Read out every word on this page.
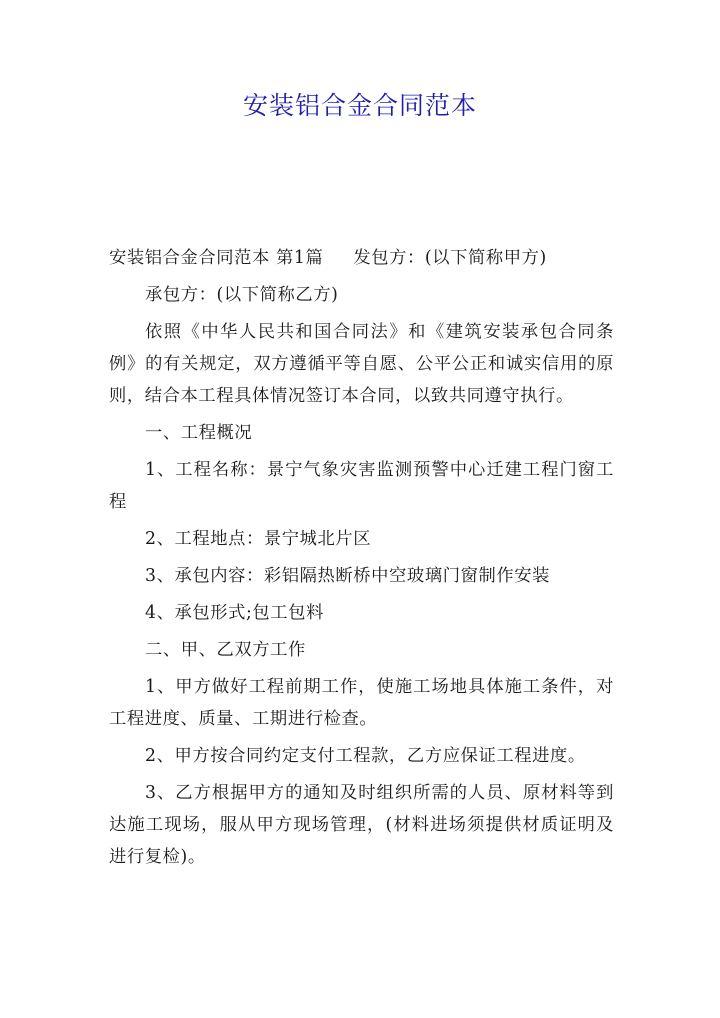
安装铝合金合同范本

安装铝合金合同范本 第1篇 发包方：(以下简称甲方)

承包方：(以下简称乙方)

依照《中华人民共和国合同法》和《建筑安装承包合同条例》的有关规定，双方遵循平等自愿、公平公正和诚实信用的原则，结合本工程具体情况签订本合同，以致共同遵守执行。

一、工程概况

1、工程名称：景宁气象灾害监测预警中心迁建工程门窗工程

2、工程地点：景宁城北片区

3、承包内容：彩铝隔热断桥中空玻璃门窗制作安装

4、承包形式;包工包料

二、甲、乙双方工作

1、甲方做好工程前期工作，使施工场地具体施工条件，对工程进度、质量、工期进行检查。

2、甲方按合同约定支付工程款，乙方应保证工程进度。

3、乙方根据甲方的通知及时组织所需的人员、原材料等到达施工现场，服从甲方现场管理，(材料进场须提供材质证明及进行复检)。
